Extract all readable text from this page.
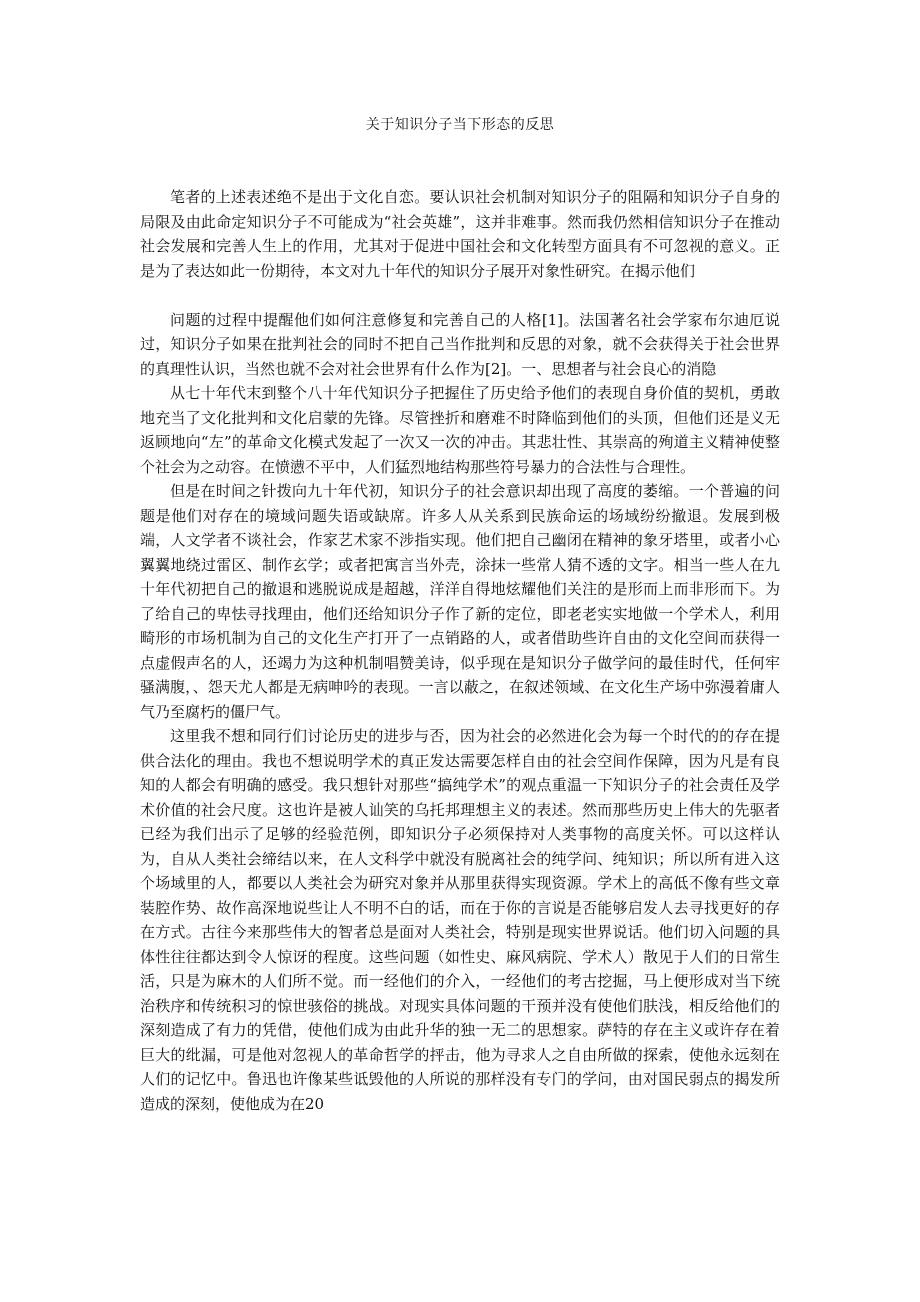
关于知识分子当下形态的反思

笔者的上述表述绝不是出于文化自恋。要认识社会机制对知识分子的阻隔和知识分子自身的局限及由此命定知识分子不可能成为“社会英雄”，这并非难事。然而我仍然相信知识分子在推动社会发展和完善人生上的作用，尤其对于促进中国社会和文化转型方面具有不可忽视的意义。正是为了表达如此一份期待，本文对九十年代的知识分子展开对象性研究。在揭示他们

问题的过程中提醒他们如何注意修复和完善自己的人格[1]。法国著名社会学家布尔迪厄说过，知识分子如果在批判社会的同时不把自己当作批判和反思的对象，就不会获得关于社会世界的真理性认识，当然也就不会对社会世界有什么作为[2]。一、思想者与社会良心的消隐

从七十年代末到整个八十年代知识分子把握住了历史给予他们的表现自身价值的契机，勇敢地充当了文化批判和文化启蒙的先锋。尽管挫折和磨难不时降临到他们的头顶，但他们还是义无返顾地向“左”的革命文化模式发起了一次又一次的冲击。其悲壮性、其崇高的殉道主义精神使整个社会为之动容。在愤懑不平中，人们猛烈地结构那些符号暴力的合法性与合理性。

但是在时间之针拨向九十年代初，知识分子的社会意识却出现了高度的萎缩。一个普遍的问题是他们对存在的境域问题失语或缺席。许多人从关系到民族命运的场域纷纷撤退。发展到极端，人文学者不谈社会，作家艺术家不涉指实现。他们把自己幽闭在精神的象牙塔里，或者小心翼翼地绕过雷区、制作玄学；或者把寓言当外壳，涂抹一些常人猜不透的文字。相当一些人在九十年代初把自己的撤退和逃脱说成是超越，洋洋自得地炫耀他们关注的是形而上而非形而下。为了给自己的卑怯寻找理由，他们还给知识分子作了新的定位，即老老实实地做一个学术人，利用畸形的市场机制为自己的文化生产打开了一点销路的人，或者借助些许自由的文化空间而获得一点虚假声名的人，还竭力为这种机制唱赞美诗，似乎现在是知识分子做学问的最佳时代，任何牢骚满腹，、怨天尤人都是无病呻吟的表现。一言以蔽之，在叙述领域、在文化生产场中弥漫着庸人气乃至腐朽的僵尸气。

这里我不想和同行们讨论历史的进步与否，因为社会的必然进化会为每一个时代的的存在提供合法化的理由。我也不想说明学术的真正发达需要怎样自由的社会空间作保障，因为凡是有良知的人都会有明确的感受。我只想针对那些“搞纯学术”的观点重温一下知识分子的社会责任及学术价值的社会尺度。这也许是被人讪笑的乌托邦理想主义的表述。然而那些历史上伟大的先驱者已经为我们出示了足够的经验范例，即知识分子必须保持对人类事物的高度关怀。可以这样认为，自从人类社会缔结以来，在人文科学中就没有脱离社会的纯学问、纯知识；所以所有进入这个场域里的人，都要以人类社会为研究对象并从那里获得实现资源。学术上的高低不像有些文章装腔作势、故作高深地说些让人不明不白的话，而在于你的言说是否能够启发人去寻找更好的存在方式。古往今来那些伟大的智者总是面对人类社会，特别是现实世界说话。他们切入问题的具体性往往都达到令人惊讶的程度。这些问题（如性史、麻风病院、学术人）散见于人们的日常生活，只是为麻木的人们所不觉。而一经他们的介入，一经他们的考古挖掘，马上便形成对当下统治秩序和传统积习的惊世骇俗的挑战。对现实具体问题的干预并没有使他们肤浅，相反给他们的深刻造成了有力的凭借，使他们成为由此升华的独一无二的思想家。萨特的存在主义或许存在着巨大的纰漏，可是他对忽视人的革命哲学的抨击，他为寻求人之自由所做的探索，使他永远刻在人们的记忆中。鲁迅也许像某些诋毁他的人所说的那样没有专门的学问，由对国民弱点的揭发所造成的深刻，使他成为在20
